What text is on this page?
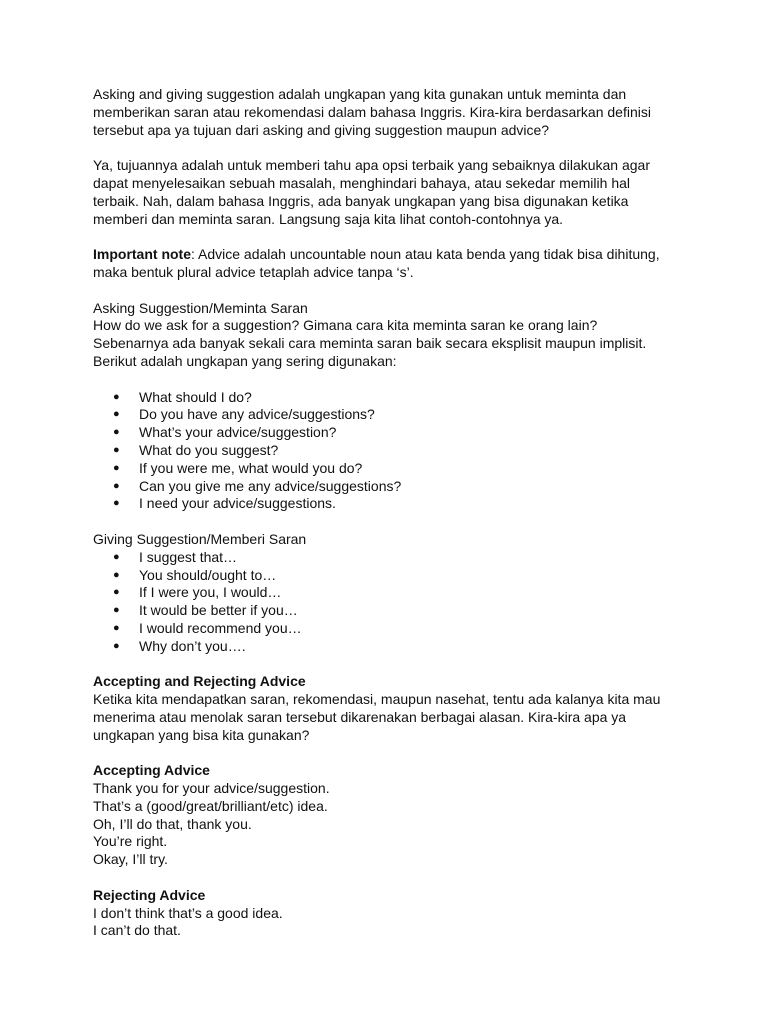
Asking and giving suggestion adalah ungkapan yang kita gunakan untuk meminta dan
memberikan saran atau rekomendasi dalam bahasa Inggris. Kira-kira berdasarkan definisi
tersebut apa ya tujuan dari asking and giving suggestion maupun advice?

Ya, tujuannya adalah untuk memberi tahu apa opsi terbaik yang sebaiknya dilakukan agar
dapat menyelesaikan sebuah masalah, menghindari bahaya, atau sekedar memilih hal
terbaik. Nah, dalam bahasa Inggris, ada banyak ungkapan yang bisa digunakan ketika
memberi dan meminta saran. Langsung saja kita lihat contoh-contohnya ya.

Important note: Advice adalah uncountable noun atau kata benda yang tidak bisa dihitung,
maka bentuk plural advice tetaplah advice tanpa ‘s’.

Asking Suggestion/Meminta Saran
How do we ask for a suggestion? Gimana cara kita meminta saran ke orang lain?
Sebenarnya ada banyak sekali cara meminta saran baik secara eksplisit maupun implisit.
Berikut adalah ungkapan yang sering digunakan:

● What should I do?
● Do you have any advice/suggestions?
● What’s your advice/suggestion?
● What do you suggest?
● If you were me, what would you do?
● Can you give me any advice/suggestions?
● I need your advice/suggestions.

Giving Suggestion/Memberi Saran

● I suggest that…
● You should/ought to…
● If I were you, I would…
● It would be better if you…
● I would recommend you…
● Why don’t you….

Accepting and Rejecting Advice
Ketika kita mendapatkan saran, rekomendasi, maupun nasehat, tentu ada kalanya kita mau
menerima atau menolak saran tersebut dikarenakan berbagai alasan. Kira-kira apa ya
ungkapan yang bisa kita gunakan?

Accepting Advice
Thank you for your advice/suggestion.
That’s a (good/great/brilliant/etc) idea.
Oh, I’ll do that, thank you.
You’re right.
Okay, I’ll try.

Rejecting Advice
I don’t think that’s a good idea.
I can’t do that.
